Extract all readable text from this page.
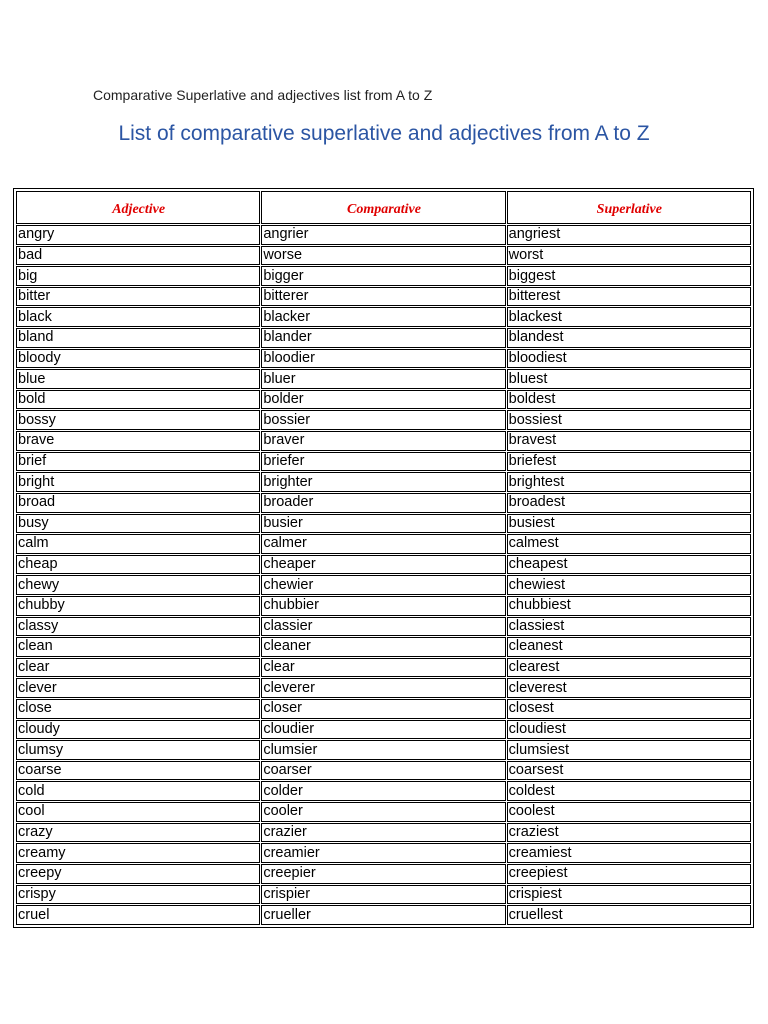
Comparative Superlative and adjectives list from A to Z
List of comparative superlative and adjectives from A to Z
Adjective	Comparative	Superlative
angry	angrier	angriest
bad	worse	worst
big	bigger	biggest
bitter	bitterer	bitterest
black	blacker	blackest
bland	blander	blandest
bloody	bloodier	bloodiest
blue	bluer	bluest
bold	bolder	boldest
bossy	bossier	bossiest
brave	braver	bravest
brief	briefer	briefest
bright	brighter	brightest
broad	broader	broadest
busy	busier	busiest
calm	calmer	calmest
cheap	cheaper	cheapest
chewy	chewier	chewiest
chubby	chubbier	chubbiest
classy	classier	classiest
clean	cleaner	cleanest
clear	clear	clearest
clever	cleverer	cleverest
close	closer	closest
cloudy	cloudier	cloudiest
clumsy	clumsier	clumsiest
coarse	coarser	coarsest
cold	colder	coldest
cool	cooler	coolest
crazy	crazier	craziest
creamy	creamier	creamiest
creepy	creepier	creepiest
crispy	crispier	crispiest
cruel	crueller	cruellest
